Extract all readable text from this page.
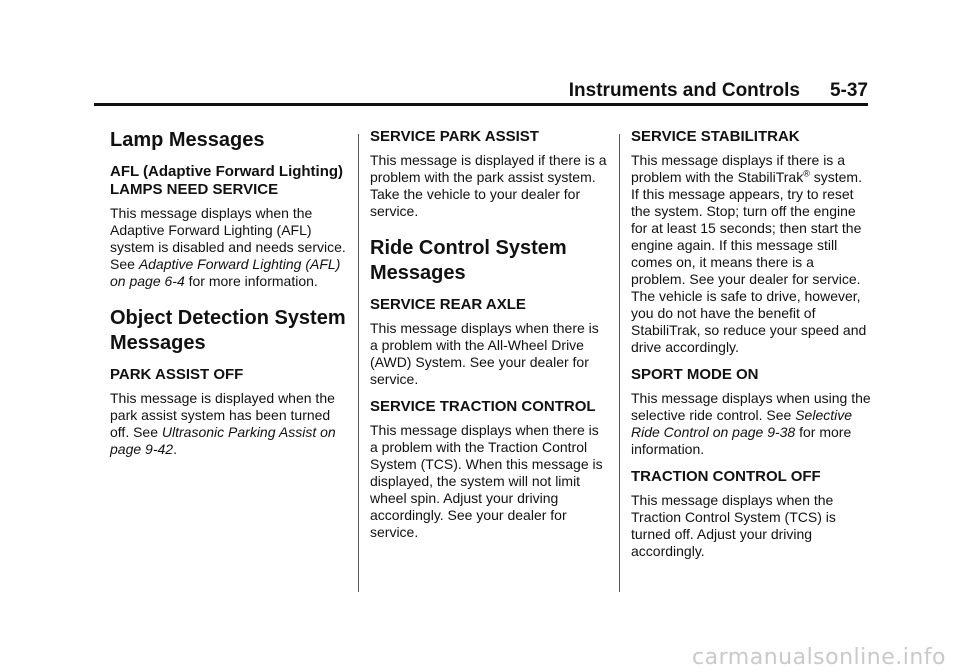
Instruments and Controls 5-37
Lamp Messages
AFL (Adaptive Forward Lighting) LAMPS NEED SERVICE

This message displays when the Adaptive Forward Lighting (AFL) system is disabled and needs service. See Adaptive Forward Lighting (AFL) on page 6-4 for more information.

Object Detection System Messages
PARK ASSIST OFF

This message is displayed when the park assist system has been turned off. See Ultrasonic Parking Assist on page 9-42.

SERVICE PARK ASSIST

This message is displayed if there is a problem with the park assist system. Take the vehicle to your dealer for service.

Ride Control System Messages
SERVICE REAR AXLE

This message displays when there is a problem with the All-Wheel Drive (AWD) System. See your dealer for service.

SERVICE TRACTION CONTROL

This message displays when there is a problem with the Traction Control System (TCS). When this message is displayed, the system will not limit wheel spin. Adjust your driving accordingly. See your dealer for service.

SERVICE STABILITRAK

This message displays if there is a problem with the StabiliTrak® system. If this message appears, try to reset the system. Stop; turn off the engine for at least 15 seconds; then start the engine again. If this message still comes on, it means there is a problem. See your dealer for service. The vehicle is safe to drive, however, you do not have the benefit of StabiliTrak, so reduce your speed and drive accordingly.

SPORT MODE ON

This message displays when using the selective ride control. See Selective Ride Control on page 9-38 for more information.

TRACTION CONTROL OFF

This message displays when the Traction Control System (TCS) is turned off. Adjust your driving accordingly.

carmanualsonline.info
